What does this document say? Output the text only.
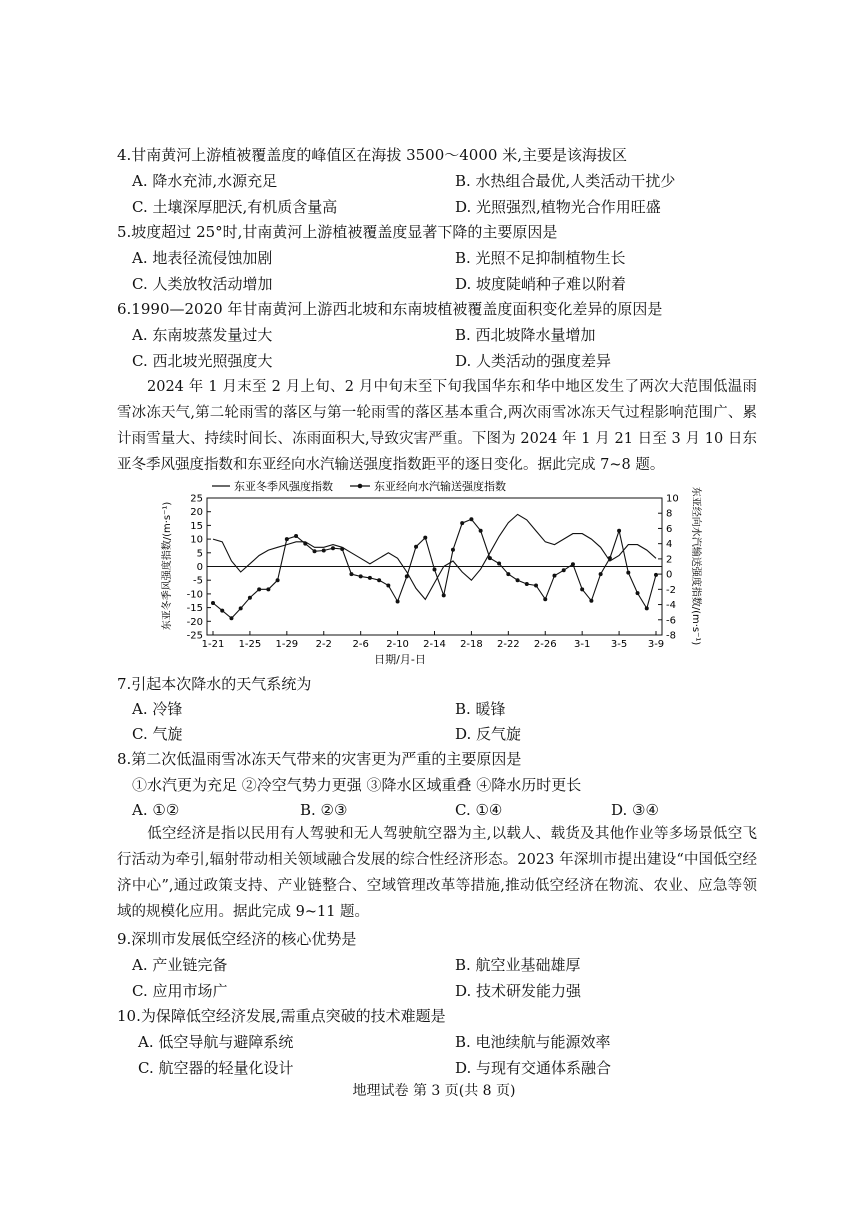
4.甘南黄河上游植被覆盖度的峰值区在海拔 3500～4000 米,主要是该海拔区
A. 降水充沛,水源充足	B. 水热组合最优,人类活动干扰少
C. 土壤深厚肥沃,有机质含量高	D. 光照强烈,植物光合作用旺盛
5.坡度超过 25°时,甘南黄河上游植被覆盖度显著下降的主要原因是
A. 地表径流侵蚀加剧	B. 光照不足抑制植物生长
C. 人类放牧活动增加	D. 坡度陡峭种子难以附着
6.1990—2020 年甘南黄河上游西北坡和东南坡植被覆盖度面积变化差异的原因是
A. 东南坡蒸发量过大	B. 西北坡降水量增加
C. 西北坡光照强度大	D. 人类活动的强度差异
2024 年 1 月末至 2 月上旬、2 月中旬末至下旬我国华东和华中地区发生了两次大范围低温雨雪冰冻天气,第二轮雨雪的落区与第一轮雨雪的落区基本重合,两次雨雪冰冻天气过程影响范围广、累计雨雪量大、持续时间长、冻雨面积大,导致灾害严重。下图为 2024 年 1 月 21 日至 3 月 10 日东亚冬季风强度指数和东亚经向水汽输送强度指数距平的逐日变化。据此完成 7~8 题。
东亚冬季风强度指数	东亚经向水汽输送强度指数
25
20
15
10
5
0
-5
-10
-15
-20
-25
10
8
6
4
2
0
-2
-4
-6
-8
1-21 1-25 1-29 2-2 2-6 2-10 2-14 2-18 2-22 2-26 3-1 3-5 3-9
东亚冬季风强度指数/(m·s⁻¹)	东亚经向水汽输送强度指数/(m·s⁻¹)
日期/月-日
7.引起本次降水的天气系统为
A. 冷锋	B. 暖锋
C. 气旋	D. 反气旋
8.第二次低温雨雪冰冻天气带来的灾害更为严重的主要原因是
①水汽更为充足 ②冷空气势力更强 ③降水区域重叠 ④降水历时更长
A. ①②	B. ②③	C. ①④	D. ③④
低空经济是指以民用有人驾驶和无人驾驶航空器为主,以载人、载货及其他作业等多场景低空飞行活动为牵引,辐射带动相关领域融合发展的综合性经济形态。2023 年深圳市提出建设“中国低空经济中心”,通过政策支持、产业链整合、空域管理改革等措施,推动低空经济在物流、农业、应急等领域的规模化应用。据此完成 9~11 题。
9.深圳市发展低空经济的核心优势是
A. 产业链完备	B. 航空业基础雄厚
C. 应用市场广	D. 技术研发能力强
10.为保障低空经济发展,需重点突破的技术难题是
A. 低空导航与避障系统	B. 电池续航与能源效率
C. 航空器的轻量化设计	D. 与现有交通体系融合
地理试卷 第 3 页(共 8 页)
